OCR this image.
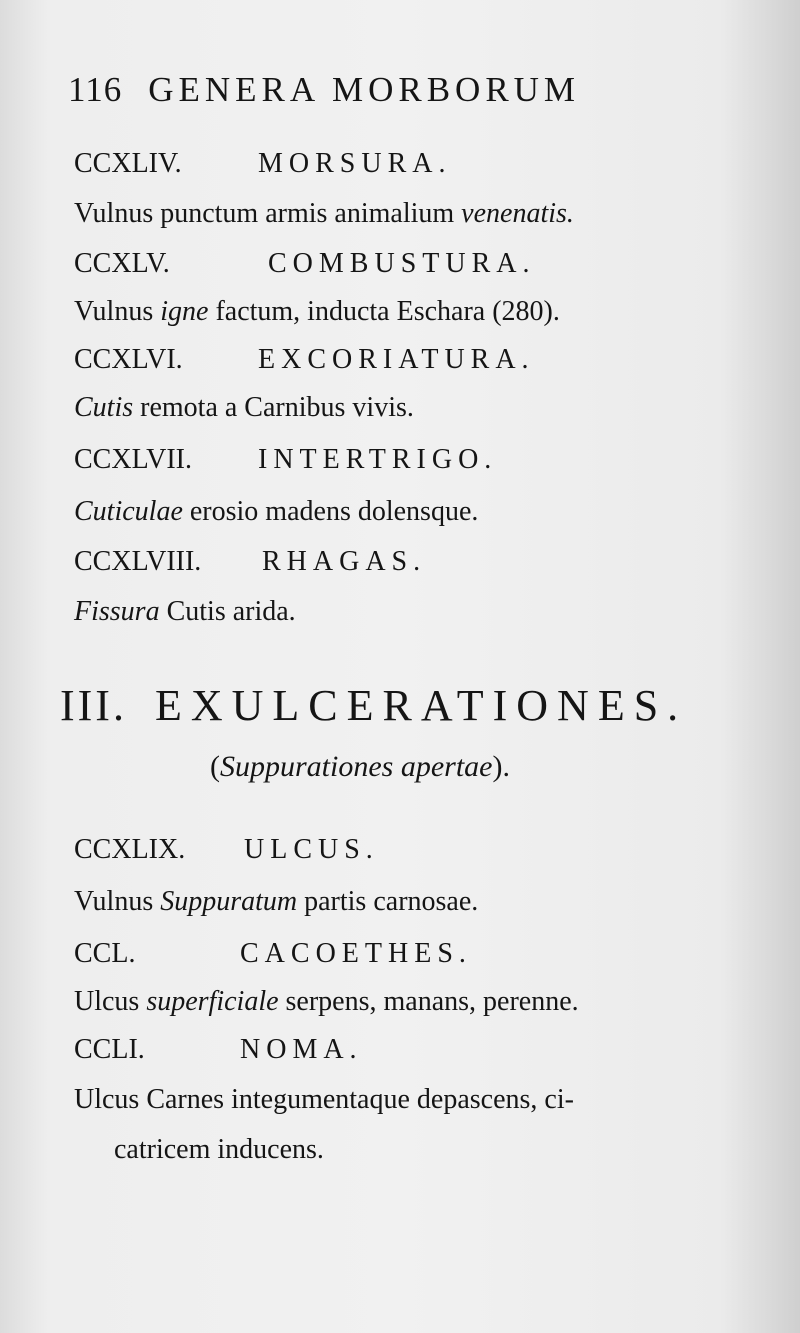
116 GENERA MORBORUM
CCXLIV.	MORSURA.
Vulnus punctum armis animalium venenatis.
CCXLV.	COMBUSTURA.
Vulnus igne factum, inducta Eschara (280).
CCXLVI.	EXCORIATURA.
Cutis remota a Carnibus vivis.
CCXLVII. INTERTRIGO.
Cuticulae erosio madens dolensque.
CCXLVIII. RHAGAS.
Fissura Cutis arida.
III. EXULCERATIONES.
(Suppurationes apertae).
CCXLIX. ULCUS.
Vulnus Suppuratum partis carnosae.
CCL.	CACOETHES.
Ulcus superficiale serpens, manans, perenne.
CCLI.	NOMA.
Ulcus Carnes integumentaque depascens, ci-
catricem inducens.
